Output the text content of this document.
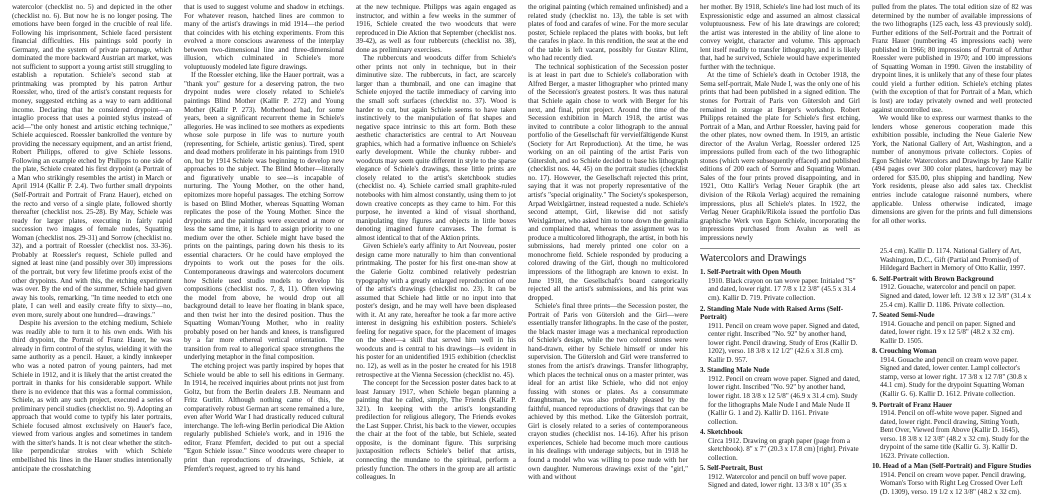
watercolor (checklist no. 5) and depicted in the other (checklist no. 6). But now he is no longer posing. The emotions have been forged in the crucible of real life. Following his imprisonment, Schiele faced persistent financial difficulties. His paintings sold poorly in Germany, and the system of private patronage, which dominated the more backward Austrian art market, was not sufficient to support a young artist still struggling to establish a reputation. Schiele's second stab at printmaking was prompted by his patron Arthur Roessler, who, tired of the artist's constant requests for money, suggested etching as a way to earn additional income. Declaring that he considered drypoint—an intaglio process that uses a pointed stylus instead of acid—"the only honest and artistic etching technique," Schiele acquiesced. Roessler bankrolled the venture by providing the necessary equipment, and an artist friend, Robert Philipps, offered to give Schiele lessons. Following an example etched by Philipps to one side of the plate, Schiele created his first drypoint (a Portrait of a Man who strikingly resembles the artist) in March or April 1914 (Kallir P. 2.4). Two further small drypoints (Self-Portrait and Portrait of Franz Hauer), etched on the recto and verso of a single plate, followed shortly thereafter (checklist nos. 25-28). By May, Schiele was ready for larger plates, executing in fairly rapid succession two images of female nudes, Squatting Woman (checklist nos. 29-31) and Sorrow (checklist no. 32), and a portrait of Roessler (checklist nos. 33-36). Probably at Roessler's request, Schiele pulled and signed at least nine (and possibly over 30) impressions of the portrait, but very few lifetime proofs exist of the other drypoints. And with this, the etching experiment was over. By the end of the summer, Schiele had given away his tools, remarking, "In time needed to etch one plate, I can well and easily create fifty to sixty—no, even more, surely about one hundred—drawings."

Despite his aversion to the etching medium, Schiele was readily able to turn it to his own ends. With his third drypoint, the Portrait of Franz Hauer, he was already in firm control of the stylus, wielding it with the same authority as a pencil. Hauer, a kindly innkeeper who was a noted patron of young painters, had met Schiele in 1912, and it is likely that the artist created the portrait in thanks for his considerable support. While there is no evidence that this was a formal commission, Schiele, as with any such project, executed a series of preliminary pencil studies (checklist no. 9). Adopting an approach that would come to typify his later portraits, Schiele focused almost exclusively on Hauer's face, viewed from various angles and sometimes in tandem with the sitter's hands. It is not clear whether the stitch-like perpendicular strokes with which Schiele embellished his lines in the Hauer studies intentionally anticipate the crosshatching

that is used to suggest volume and shadow in etchings. For whatever reason, hatched lines are common to many of the artist's drawings in mid 1914—the period that coincides with his etching experiments. From this evolved a more conscious awareness of the interplay between two-dimensional line and three-dimensional illusion, which culminated in Schiele's more voluptuously modeled late figure drawings.

If the Roessler etching, like the Hauer portrait, was a "thank you" gesture for a deserving patron, the two drypoint nudes were closely related to Schiele's paintings Blind Mother (Kallir P. 272) and Young Mother (Kallir P. 273). Motherhood had, for some years, been a significant recurrent theme in Schiele's allegories. He was inclined to see mothers as expedients whose sole purpose in life was to nurture youth (representing, for Schiele, artistic genius). Tired, spent and dead mothers proliferate in his paintings from 1910 on, but by 1914 Schiele was beginning to develop new approaches to the subject. The Blind Mother—literally and figuratively unable to see—is incapable of nurturing. The Young Mother, on the other hand, epitomizes more hopeful passages. The etching Sorrow is based on Blind Mother, whereas Squatting Woman replicates the pose of the Young Mother. Since the drypoints and the paintings were executed at more or less the same time, it is hard to assign priority to one medium over the other. Schiele might have based the prints on the paintings, paring down his thesis to its essential characters. Or he could have employed the drypoints to work out the poses for the oils. Contemporaneous drawings and watercolors document how Schiele used studio models to develop his compositions (checklist nos. 7, 8, 11). Often viewing the model from above, he would drop out all background detail to leave her floating in blank space, and then twist her into the desired position. Thus the Squatting Woman/Young Mother, who in reality probably posed on her hands and knees, is transfigured by a far more ethereal vertical orientation. The transition from real to allegorical space strengthens the underlying metaphor in the final composition.

The etching project was partly inspired by hopes that Schiele would be able to sell his editions in Germany. In 1914, he received inquiries about prints not just from Goltz, but from the Berlin dealers J.B. Neumann and Fritz Gurlitt. Although nothing came of this, the comparatively robust German art scene remained a lure, even after World War I had drastically reduced cultural interchange. The left-wing Berlin periodical Die Aktion regularly published Schiele's work, and in 1916 the editor, Franz Pfemfert, decided to put out a special "Egon Schiele issue." Since woodcuts were cheaper to print than reproductions of drawings, Schiele, at Pfemfert's request, agreed to try his hand

at the new technique. Philipps was again engaged as instructor, and within a few weeks in the summer of 1916, Schiele created the two woodcuts that were reproduced in Die Aktion that September (checklist nos. 39-42), as well as four rubbercuts (checklist no. 38), done as preliminary exercises.

The rubbercuts and woodcuts differ from Schiele's other prints not only in technique, but in their diminutive size. The rubbercuts, in fact, are scarcely larger than a thumbnail, and one can imagine that Schiele enjoyed the tactile immediacy of carving into the small soft surfaces (checklist no. 37). Wood is harder to cut, but again Schiele seems to have taken instinctively to the manipulation of flat shapes and negative space intrinsic to this art form. Both these aesthetic characteristics are central to Art Nouveau graphics, which had a formative influence on Schiele's early development. While the chunky rubber- and woodcuts may seem quite different in style to the sparse elegance of Schiele's drawings, these little prints are closely related to the artist's sketchbook studies (checklist no. 4). Schiele carried small graphite-ruled notebooks with him almost constantly, using them to jot down creative concepts as they came to him. For this purpose, he invented a kind of visual shorthand, manipulating tiny figures and objects in little boxes denoting imagined future canvases. The format is almost identical to that of the Aktion prints.

Given Schiele's early affinity to Art Nouveau, poster design came more naturally to him than conventional printmaking. The poster for his first one-man show at the Galerie Goltz combined relatively pedestrian typography with a greatly enlarged reproduction of one of the artist's drawings (checklist no. 23). It can be assumed that Schiele had little or no input into that poster's design, and he may well have been displeased with it. At any rate, hereafter he took a far more active interest in designing his exhibition posters. Schiele's feeling for negative space, for the placement of images on the sheet—a skill that served him well in his woodcuts and is central to his drawings—is evident in his poster for an unidentified 1915 exhibition (checklist no. 12), as well as in the poster he created for his 1918 retrospective at the Vienna Secession (checklist no. 45).

The concept for the Secession poster dates back to at least January 1917, when Schiele began planning a painting that he called, simply, The Friends (Kallir P. 321). In keeping with the artist's longstanding predilection for religious allegory, The Friends evokes the Last Supper. Christ, his back to the viewer, occupies the chair at the foot of the table, but Schiele, seated opposite, is the dominant figure. This surprising juxtaposition reflects Schiele's belief that artists, connecting the mundane to the spiritual, perform a priestly function. The others in the group are all artistic colleagues. In

the original painting (which remained unfinished) and a related study (checklist no. 13), the table is set with plates of food and carafes of wine. For the more secular poster, Schiele replaced the plates with books, but left the carafes in place. In this rendition, the seat at the end of the table is left vacant, possibly for Gustav Klimt, who had recently died.

The technical sophistication of the Secession poster is at least in part due to Schiele's collaboration with Alfred Berger, a master lithographer who printed many of the Secession's greatest posters. It was thus natural that Schiele again chose to work with Berger for his next, and final, print project. Around the time of the Secession exhibition in March 1918, the artist was invited to contribute a color lithograph to the annual portfolio of the Gesellschaft für vervielfältigende Kunst (Society for Art Reproduction). At the time, he was working on an oil painting of the artist Paris von Gütersloh, and so Schiele decided to base his lithograph (checklist nos. 44, 45) on the portrait studies (checklist no. 17). However, the Gesellschaft rejected this print, saying that it was not properly representative of the artist's "special originality." The Society's spokesperson, Arpad Weixlgärtner, instead requested a nude. Schiele's second attempt, Girl, likewise did not satisfy Weixlgärtner, who asked him to tone down the genitalia and complained that, whereas the assignment was to produce a multicolored lithograph, the artist, in both his submissions, had merely printed one color on a monochrome field. Schiele responded by producing a colored drawing of the Girl, though no multicolored impressions of the lithograph are known to exist. In June 1918, the Gesellschaft's board categorically rejected all the artist's submissions, and his print was dropped.

Schiele's final three prints—the Secession poster, the Portrait of Paris von Gütersloh and the Girl—were essentially transfer lithographs. In the case of the poster, the black master image was a mechanical reproduction of Schiele's design, while the two colored stones were hand-drawn, either by Schiele himself or under his supervision. The Gütersloh and Girl were transferred to stones from the artist's drawings. Transfer lithography, which places the technical onus on a master printer, was ideal for an artist like Schiele, who did not enjoy fussing with stones or plates. As a consummate draughtsman, he was also probably pleased by the faithful, nuanced reproductions of drawings that can be achieved by this method. Like the Gütersloh portrait, Girl is closely related to a series of contemporaneous crayon studies (checklist nos. 14-16). After his prison experiences, Schiele had become much more cautious in his dealings with underage subjects, but in 1918 he found a model who was willing to pose nude with her own daughter. Numerous drawings exist of the "girl," with and without

her mother. By 1918, Schiele's line had lost much of its Expressionistic edge and assumed an almost classical voluptuousness. Few of his late drawings are colored; the artist was interested in the ability of line alone to convey weight, character and volume. This approach lent itself readily to transfer lithography, and it is likely that, had he survived, Schiele would have experimented further with the technique.

At the time of Schiele's death in October 1918, the Sema self-portrait, Male Nude I, was the only one of his prints that had been published in a signed edition. The stones for Portrait of Paris von Gütersloh and Girl remained in storage at Berger's workshop. Robert Philipps retained the plate for Schiele's first etching, Portrait of a Man, and Arthur Roessler, having paid for the other plates, now owned them. In 1919, an artistic director of the Avalun Verlag, Roessler ordered 125 impressions pulled from each of the two lithographic stones (which were subsequently effaced) and published editions of 200 each of Sorrow and Squatting Woman. Sales of the four prints proved disappointing, and in 1921, Otto Kallir's Verlag Neuer Graphik (the art division of the Rikola Verlag) acquired the remaining impressions, plus all Schiele's plates. In 1922, the Verlag Neuer Graphik/Rikola issued the portfolio Das graphische Werk von Egon Schiele, incorporating the impressions purchased from Avalun as well as impressions newly

Watercolors and Drawings
1. Self-Portrait with Open Mouth
1910. Black crayon on tan wove paper. Initialed "S" and dated, lower right. 17 7/8 x 12 3/8" (45.5 x 31.4 cm). Kallir D. 719. Private collection.
2. Standing Male Nude with Raised Arms (Self-Portrait)
1911. Pencil on cream wove paper. Signed and dated, center right. Inscribed "No. 92" by another hand, lower right. Pencil drawing. Study of Eros (Kallir D. 1202), verso. 18 3/8 x 12 1/2" (42.6 x 31.8 cm). Kallir D. 957.
3. Standing Male Nude
1912. Pencil on cream wove paper. Signed and dated, lower right. Inscribed "No. 92" by another hand, lower right. 18 3/8 x 12 5/8" (46.9 x 31.4 cm). Study for the lithographs Male Nude I and Male Nude II (Kallir G. 1 and 2). Kallir D. 1161. Private collection.
4. Sketchbook
Circa 1912. Drawing on graph paper (page from a sketchbook). 8" x 7" (20.3 x 17.8 cm) [right]. Private collection.
5. Self-Portrait, Bust
1912. Watercolor and pencil on buff wove paper. Signed and dated, lower right. 13 3/8 x 10" (35 x

pulled from the plates. The total edition size of 82 was determined by the number of available impressions of the two lithographs (125 each, less 43 previously sold). Further editions of the Self-Portrait and the Portrait of Franz Hauer (numbering 45 impressions each) were published in 1966; 80 impressions of Portrait of Arthur Roessler were published in 1970; and 100 impressions of Squatting Woman in 1990. Given the instability of drypoint lines, it is unlikely that any of these four plates could yield a further edition. Schiele's etching plates (with the exception of that for Portrait of a Man, which is lost) are today privately owned and well protected against uncontrolled use.

We would like to express our warmest thanks to the lenders whose generous cooperation made this exhibition possible, including the Neue Galerie New York, the National Gallery of Art, Washington, and a number of anonymous private collectors. Copies of Egon Schiele: Watercolors and Drawings by Jane Kallir (494 pages over 300 color plates, hardcover) may be ordered for $35.00, plus shipping and handling. New York residents, please also add sales tax. Checklist entries include catalogue raisonné numbers, where applicable. Unless otherwise indicated, image dimensions are given for the prints and full dimensions for all other works.

25.4 cm). Kallir D. 1174. National Gallery of Art, Washington, D.C., Gift (Partial and Promised) of Hildegard Bachert in Memory of Otto Kallir, 1997.
6. Self-Portrait with Brown Background
1912. Gouache, watercolor and pencil on paper. Signed and dated, lower left. 12 3/8 x 12 3/8" (31.4 x 25.4 cm). Kallir D. 1186. Private collection.
7. Seated Semi-Nude
1914. Gouache and pencil on paper. Signed and dated, lower right. 19 x 12 5/8" (48.2 x 32 cm). Kallir D. 1505.
8. Crouching Woman
1914. Gouache and pencil on cream wove paper. Signed and dated, lower center. Lampl collector's stamp, verso at lower right. 17 3/8 x 12 7/8" (30.8 x 44.1 cm). Study for the drypoint Squatting Woman (Kallir G. 6). Kallir D. 1612. Private collection.
9. Portrait of Franz Hauer
1914. Pencil on off-white wove paper. Signed and dated, lower right. Pencil drawing, Sitting Youth, Bent Over, Viewed from Above (Kallir D. 1645), verso. 18 3/8 x 12 3/8" (48.2 x 32 cm). Study for the drypoint of the same title (Kallir G. 3). Kallir D. 1623. Private collection.
10. Head of a Man (Self-Portrait) and Figure Studies
1914. Pencil on cream wove paper. Pencil drawing, Woman's Torso with Right Leg Crossed Over Left (D. 1309), verso. 19 1/2 x 12 3/8" (48.2 x 32 cm).
